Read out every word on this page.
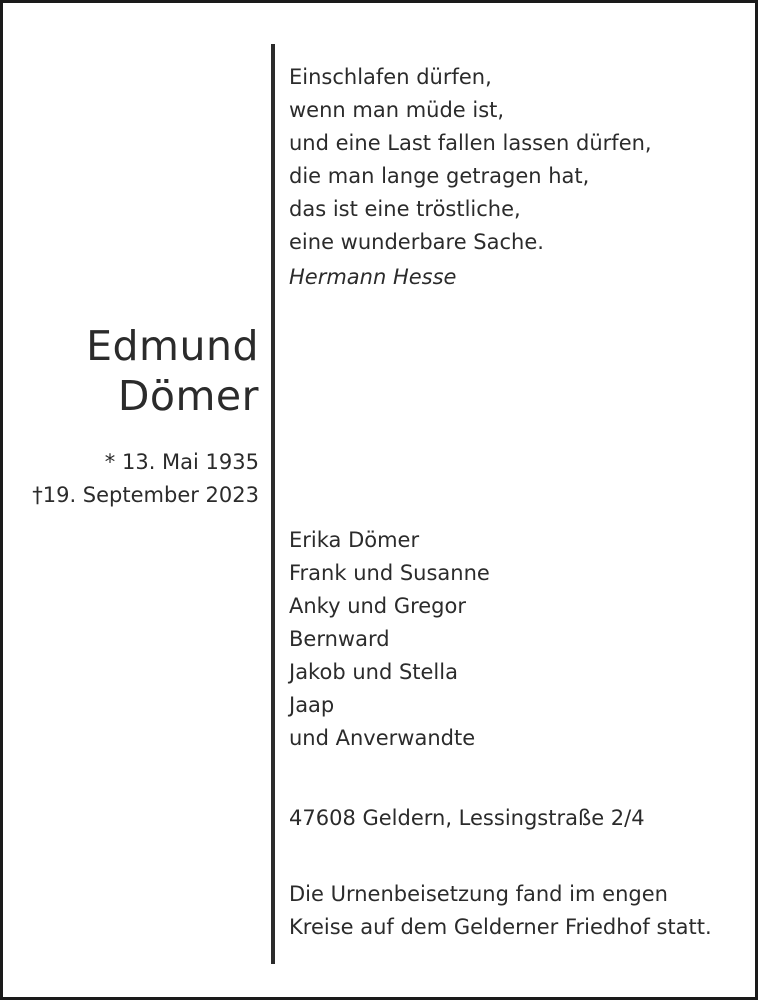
Edmund
Dömer
* 13. Mai 1935
†19. September 2023
Einschlafen dürfen,
wenn man müde ist,
und eine Last fallen lassen dürfen,
die man lange getragen hat,
das ist eine tröstliche,
eine wunderbare Sache.
Hermann Hesse
Erika Dömer
Frank und Susanne
Anky und Gregor
Bernward
Jakob und Stella
Jaap
und Anverwandte
47608 Geldern, Lessingstraße 2/4
Die Urnenbeisetzung fand im engen
Kreise auf dem Gelderner Friedhof statt.
